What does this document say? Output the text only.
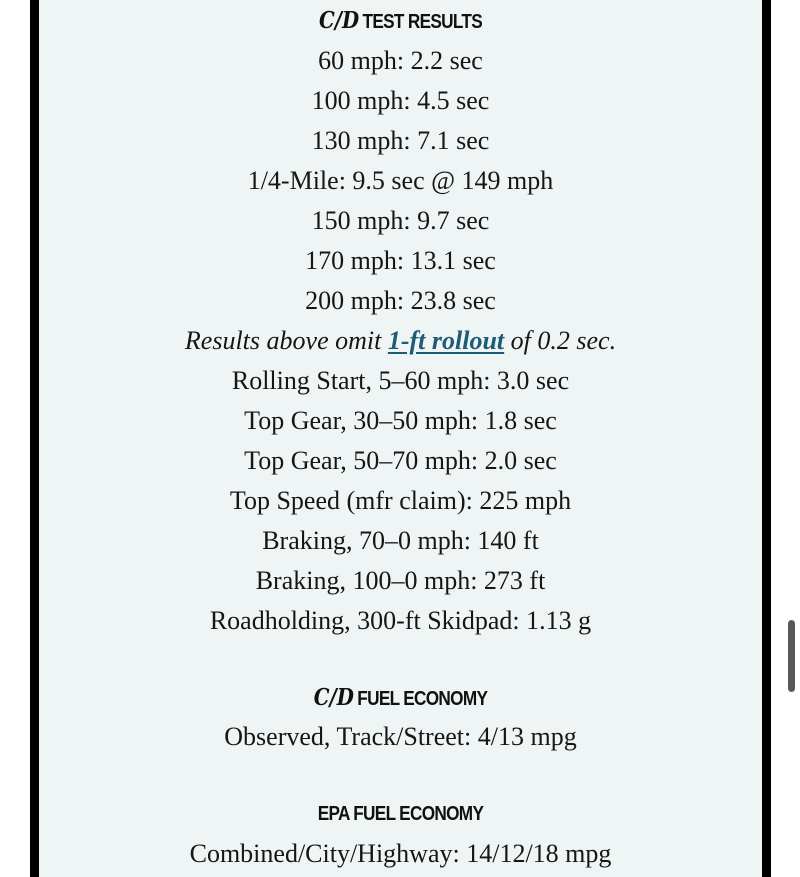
C/D TEST RESULTS
60 mph: 2.2 sec
100 mph: 4.5 sec
130 mph: 7.1 sec
1/4-Mile: 9.5 sec @ 149 mph
150 mph: 9.7 sec
170 mph: 13.1 sec
200 mph: 23.8 sec
Results above omit 1-ft rollout of 0.2 sec.
Rolling Start, 5–60 mph: 3.0 sec
Top Gear, 30–50 mph: 1.8 sec
Top Gear, 50–70 mph: 2.0 sec
Top Speed (mfr claim): 225 mph
Braking, 70–0 mph: 140 ft
Braking, 100–0 mph: 273 ft
Roadholding, 300-ft Skidpad: 1.13 g
C/D FUEL ECONOMY
Observed, Track/Street: 4/13 mpg
EPA FUEL ECONOMY
Combined/City/Highway: 14/12/18 mpg
